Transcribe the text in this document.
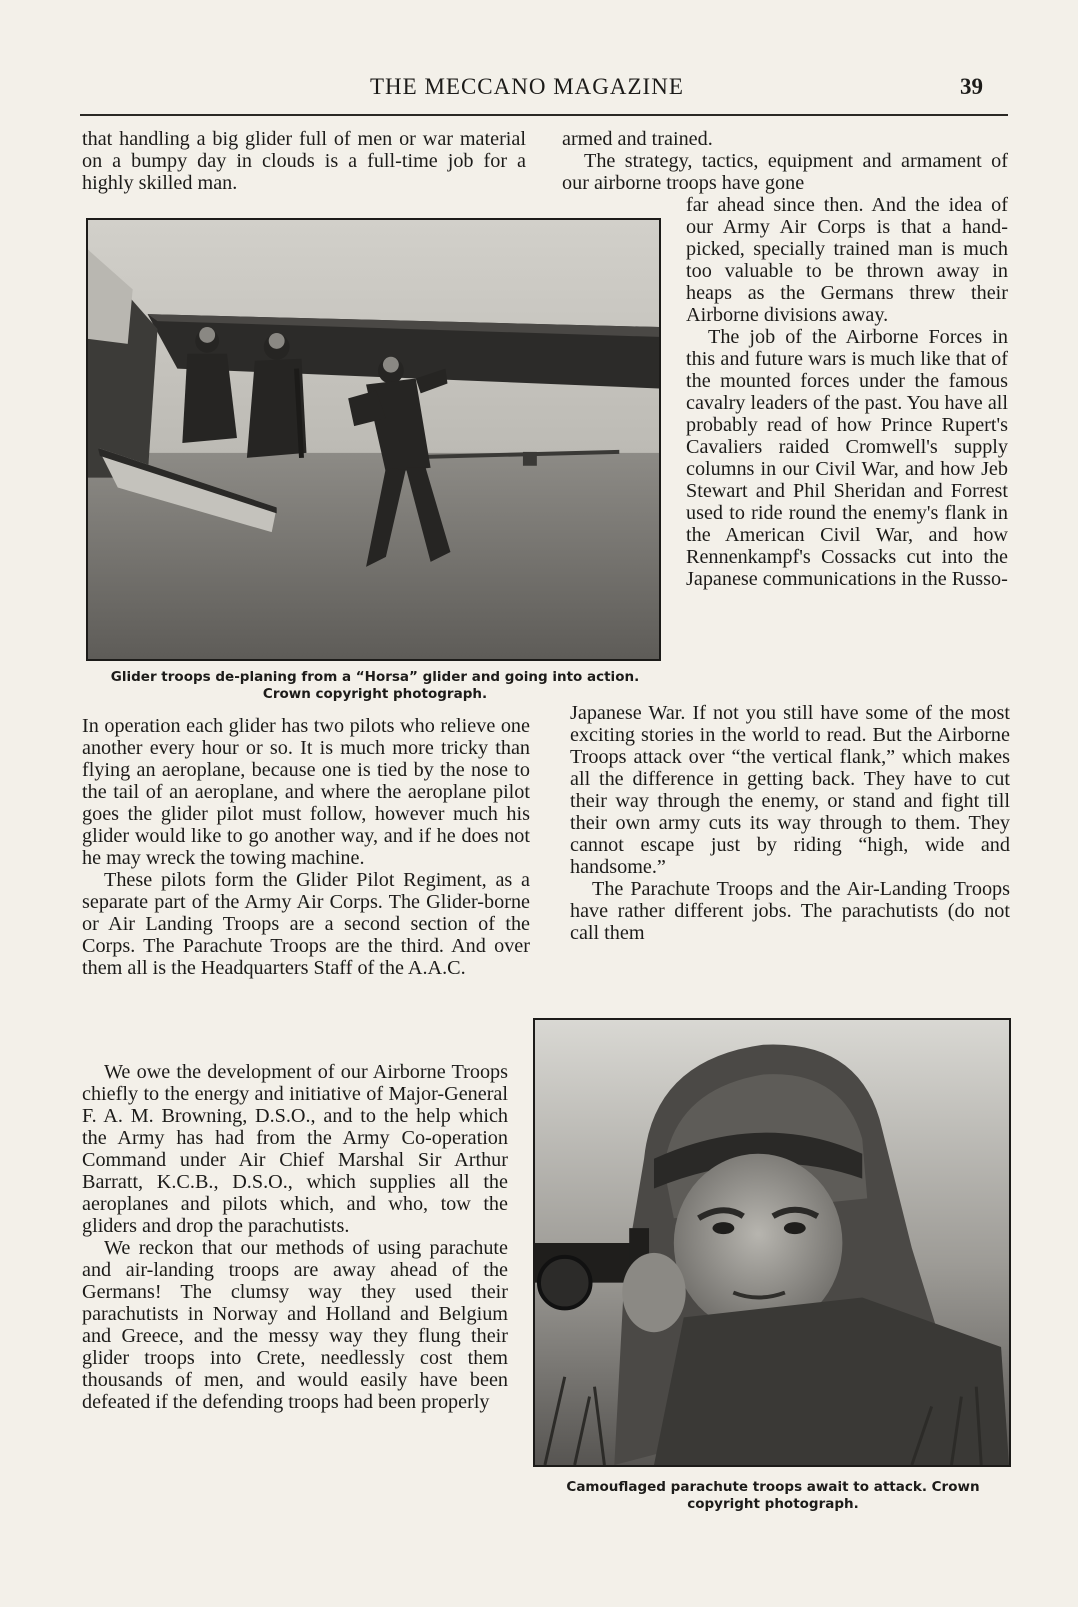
THE MECCANO MAGAZINE	39

that handling a big glider full of men or war material on a bumpy day in clouds is a full-time job for a highly skilled man.

Glider troops de-planing from a “Horsa” glider and going into action.
Crown copyright photograph.

armed and trained.

The strategy, tactics, equipment and armament of our airborne troops have gone

far ahead since then. And the idea of our Army Air Corps is that a hand-picked, specially trained man is much too valuable to be thrown away in heaps as the Germans threw their Airborne divisions away.

The job of the Airborne Forces in this and future wars is much like that of the mounted forces under the famous cavalry leaders of the past. You have all probably read of how Prince Rupert's Cavaliers raided Cromwell's supply columns in our Civil War, and how Jeb Stewart and Phil Sheridan and Forrest used to ride round the enemy's flank in the American Civil War, and how Rennenkampf's Cossacks cut into the Japanese communications in the Russo-

Japanese War. If not you still have some of the most exciting stories in the world to read. But the Airborne Troops attack over “the vertical flank,” which makes all the difference in getting back. They have to cut their way through the enemy, or stand and fight till their own army cuts its way through to them. They cannot escape just by riding “high, wide and handsome.”

The Parachute Troops and the Air-Landing Troops have rather different jobs. The parachutists (do not call them

In operation each glider has two pilots who relieve one another every hour or so. It is much more tricky than flying an aeroplane, because one is tied by the nose to the tail of an aeroplane, and where the aeroplane pilot goes the glider pilot must follow, however much his glider would like to go another way, and if he does not he may wreck the towing machine.

These pilots form the Glider Pilot Regiment, as a separate part of the Army Air Corps. The Glider-borne or Air Landing Troops are a second section of the Corps. The Parachute Troops are the third. And over them all is the Headquarters Staff of the A.A.C.

We owe the development of our Airborne Troops chiefly to the energy and initiative of Major-General F. A. M. Browning, D.S.O., and to the help which the Army has had from the Army Co-operation Command under Air Chief Marshal Sir Arthur Barratt, K.C.B., D.S.O., which supplies all the aeroplanes and pilots which, and who, tow the gliders and drop the parachutists.

We reckon that our methods of using parachute and air-landing troops are away ahead of the Germans! The clumsy way they used their parachutists in Norway and Holland and Belgium and Greece, and the messy way they flung their glider troops into Crete, needlessly cost them thousands of men, and would easily have been defeated if the defending troops had been properly

Camouflaged parachute troops await to attack. Crown
copyright photograph.
